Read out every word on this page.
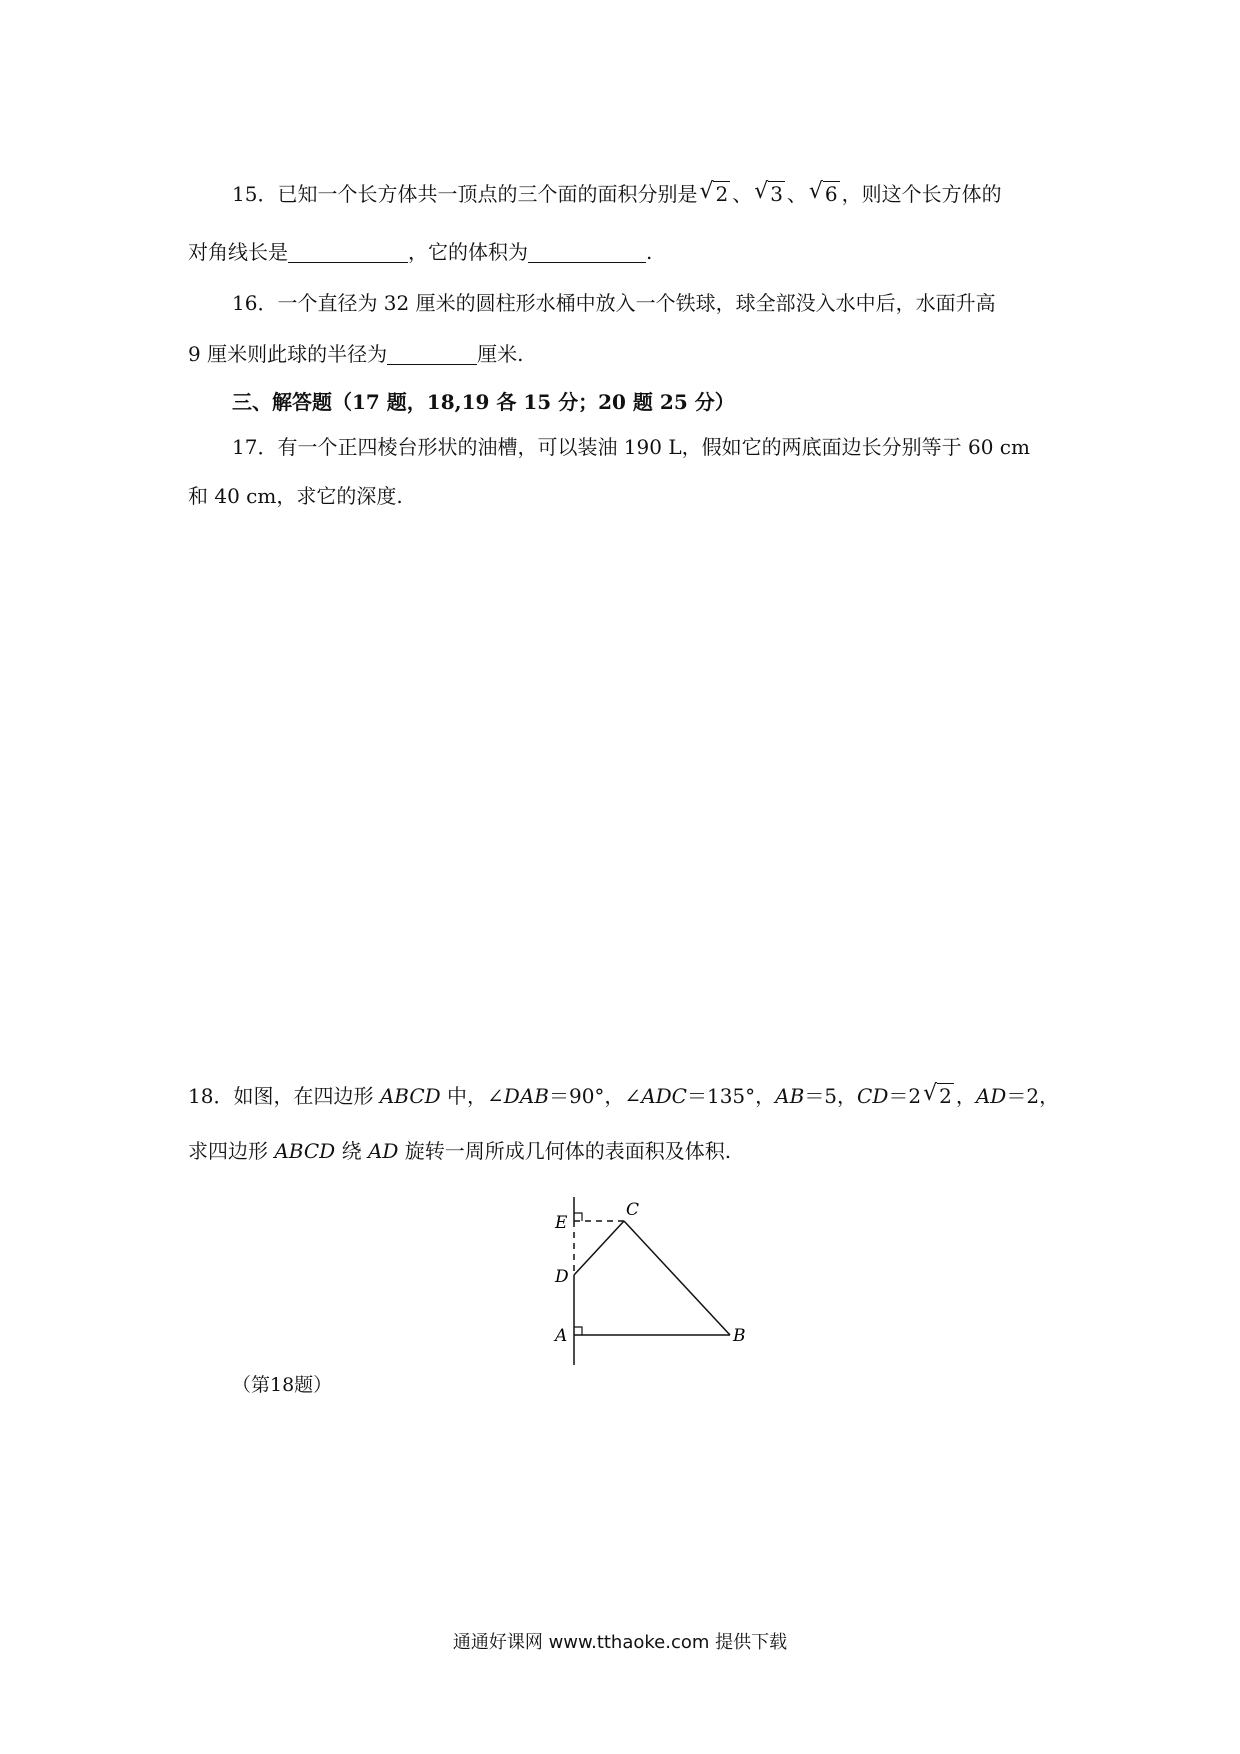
15．已知一个长方体共一顶点的三个面的面积分别是 √ 2 、 √ 3 、 √ 6 ，则这个长方体的
对角线长是	，它的体积为	.
16．一个直径为 32 厘米的圆柱形水桶中放入一个铁球，球全部没入水中后，水面升高
9 厘米则此球的半径为	厘米.
三、解答题（17 题，18,19 各 15 分；20 题 25 分）
17．有一个正四棱台形状的油槽，可以装油 190 L，假如它的两底面边长分别等于 60 cm
和 40 cm，求它的深度.
18．如图，在四边形 ABCD 中，∠DAB＝90°，∠ADC＝135°，AB＝5，CD＝2 √ 2 ，AD＝2，
求四边形 ABCD 绕 AD 旋转一周所成几何体的表面积及体积.
E
C
D
A	B
（第18题）
通通好课网 www.tthaoke.com 提供下载
